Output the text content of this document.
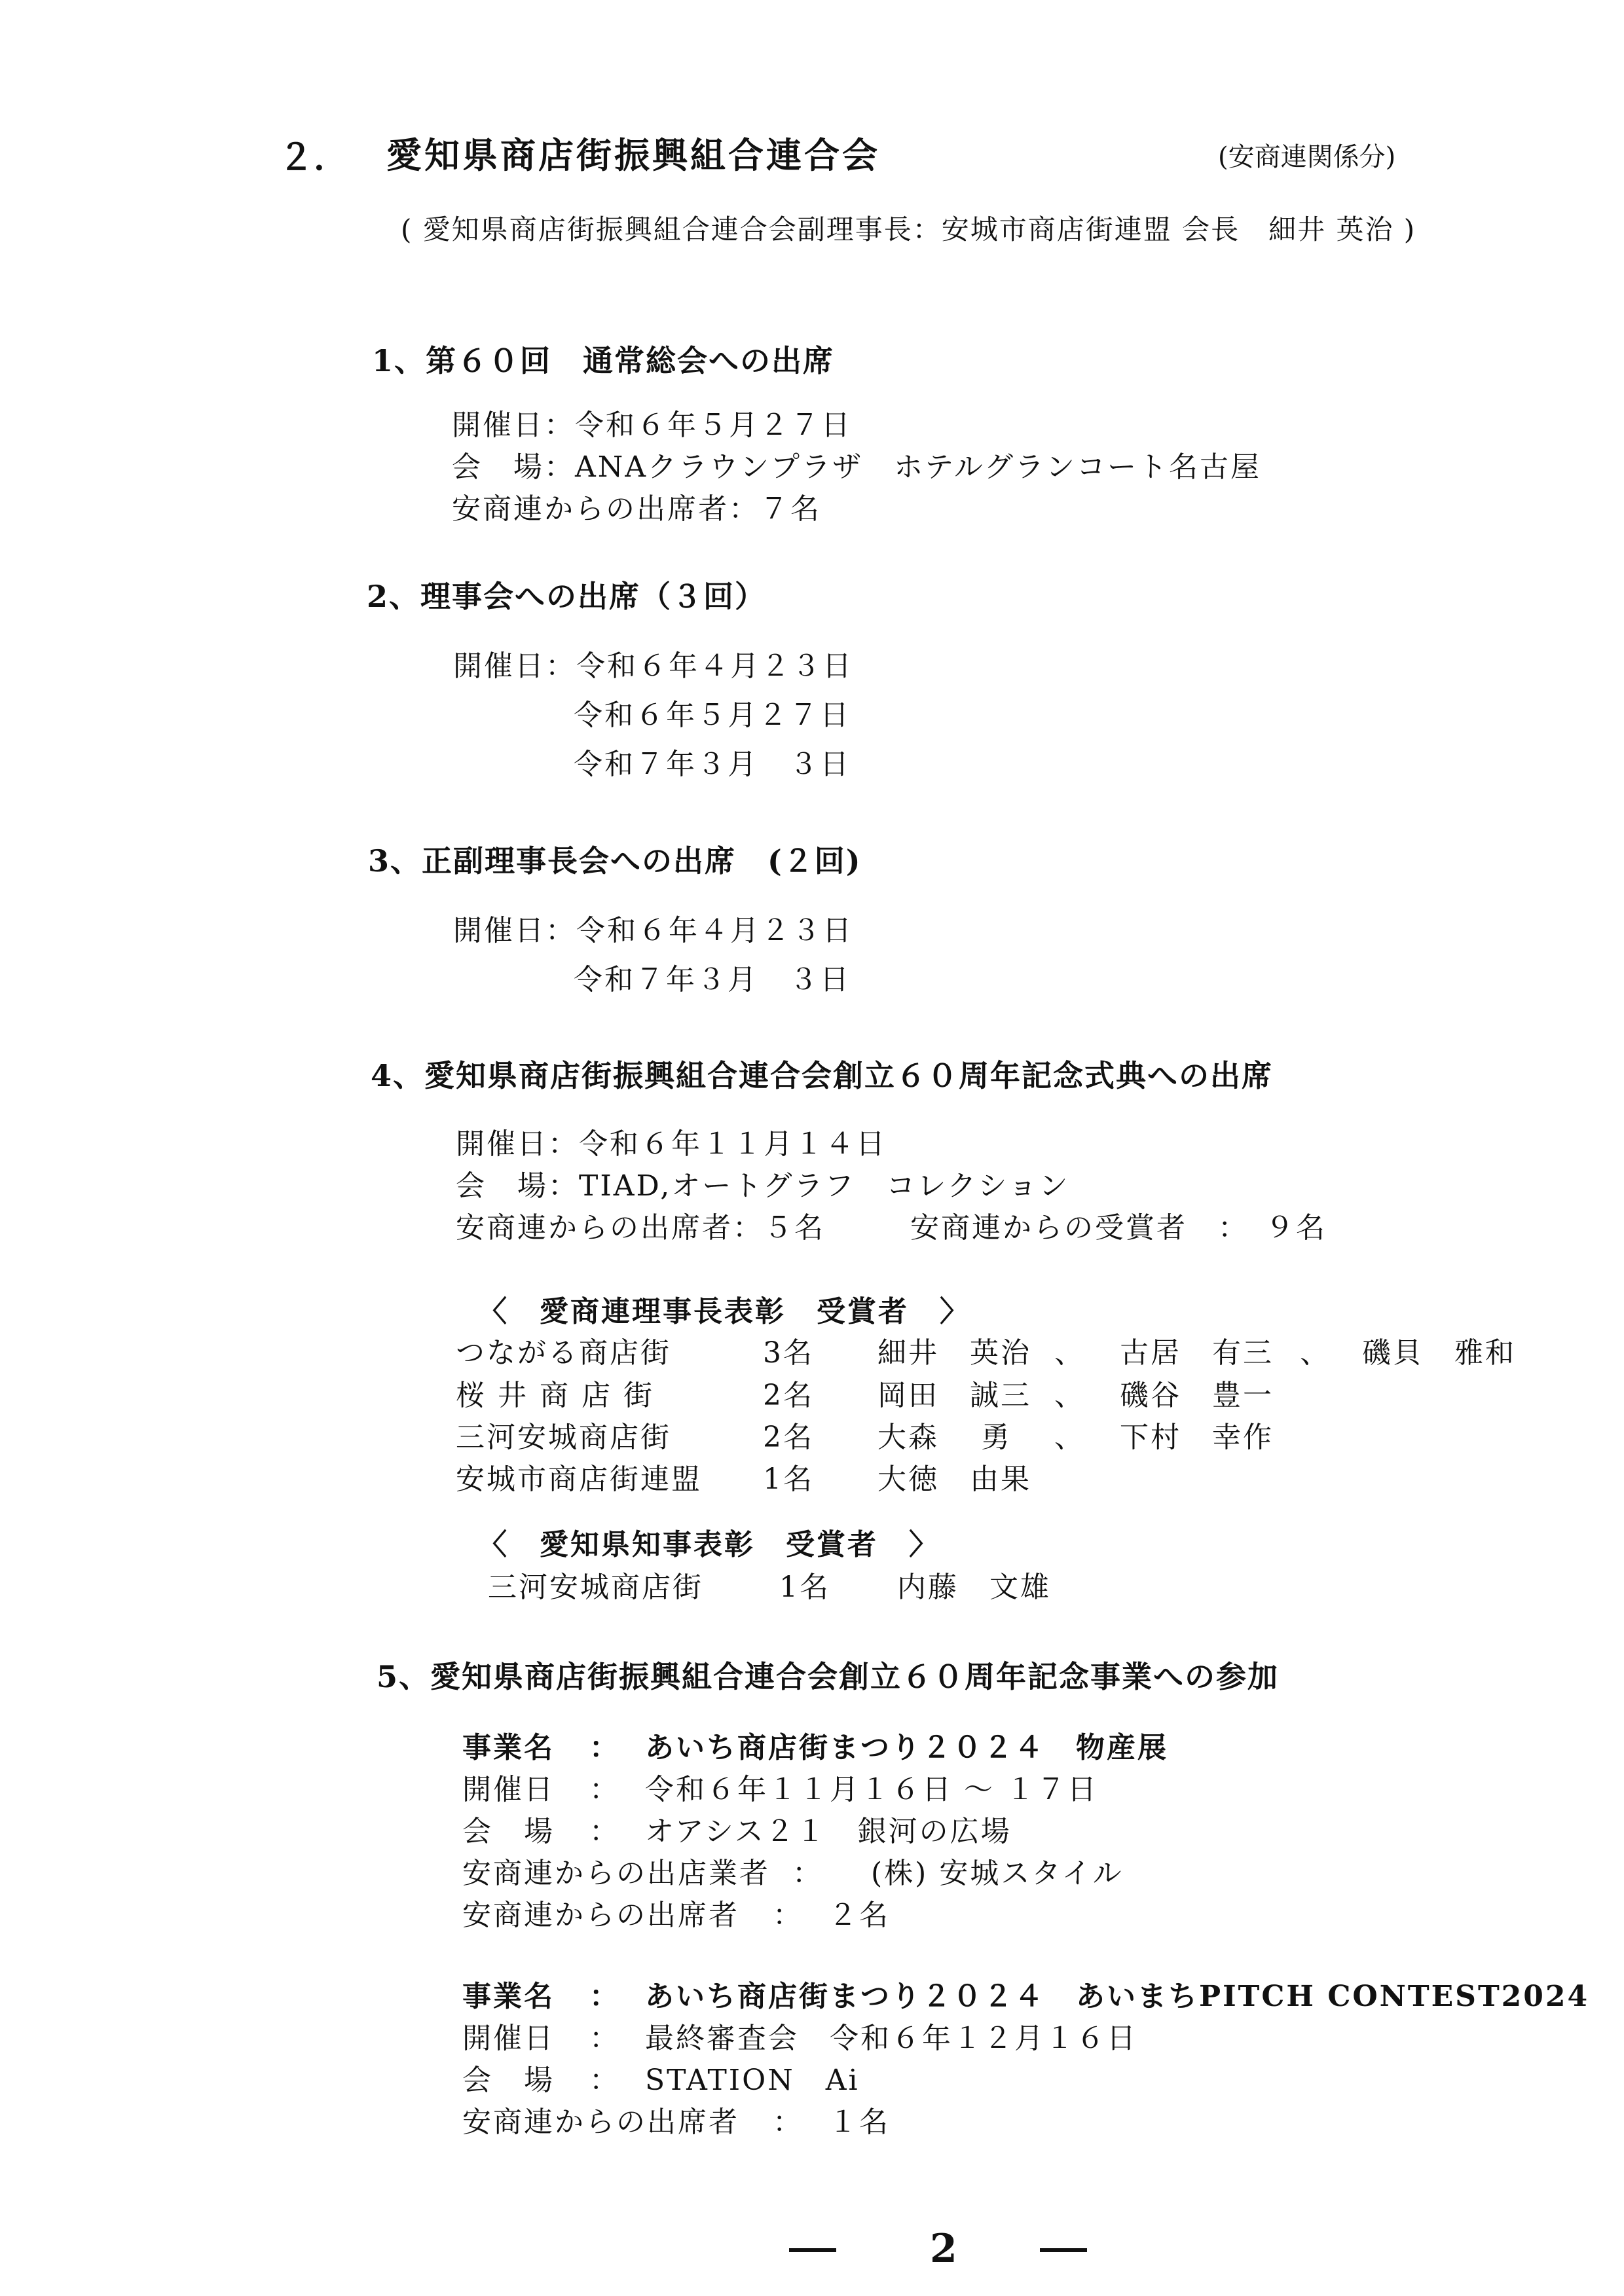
２． 愛知県商店街振興組合連合会	(安商連関係分)
( 愛知県商店街振興組合連合会副理事長：安城市商店街連盟 会長　細井 英治 )
1、第６０回　通常総会への出席
開催日：令和６年５月２７日
会　場：ANAクラウンプラザ　ホテルグランコート名古屋
安商連からの出席者：７名
2、理事会への出席（３回）
開催日：令和６年４月２３日
令和６年５月２７日
令和７年３月　３日
3、正副理事長会への出席　(２回)
開催日：令和６年４月２３日
令和７年３月　３日
4、愛知県商店街振興組合連合会創立６０周年記念式典への出席
開催日：令和６年１１月１４日
会　場：TIAD,オートグラフ　コレクション
安商連からの出席者：５名	安商連からの受賞者　：　９名
〈　愛商連理事長表彰　受賞者　〉
つながる商店街	3名 細井　英治 、 古居　有三 、 磯貝　雅和
桜 井 商 店 街	2名 岡田　誠三 、 磯谷　豊一
三河安城商店街	2名 大森　 勇 、 下村　幸作
安城市商店街連盟 1名 大徳　由果
〈　愛知県知事表彰　受賞者　〉
三河安城商店街	1名 内藤　文雄
5、愛知県商店街振興組合連合会創立６０周年記念事業への参加
事業名 ： あいち商店街まつり２０２４　物産展
開催日 ： 令和６年１１月１６日 ～ １７日
会　場 ： オアシス２１　銀河の広場
安商連からの出店業者 ： (株) 安城スタイル
安商連からの出席者 ： ２名
事業名 ： あいち商店街まつり２０２４　あいまちPITCH CONTEST2024
開催日 ： 最終審査会　令和６年１２月１６日
会　場 ： STATION　Ai
安商連からの出席者 ： １名
2
